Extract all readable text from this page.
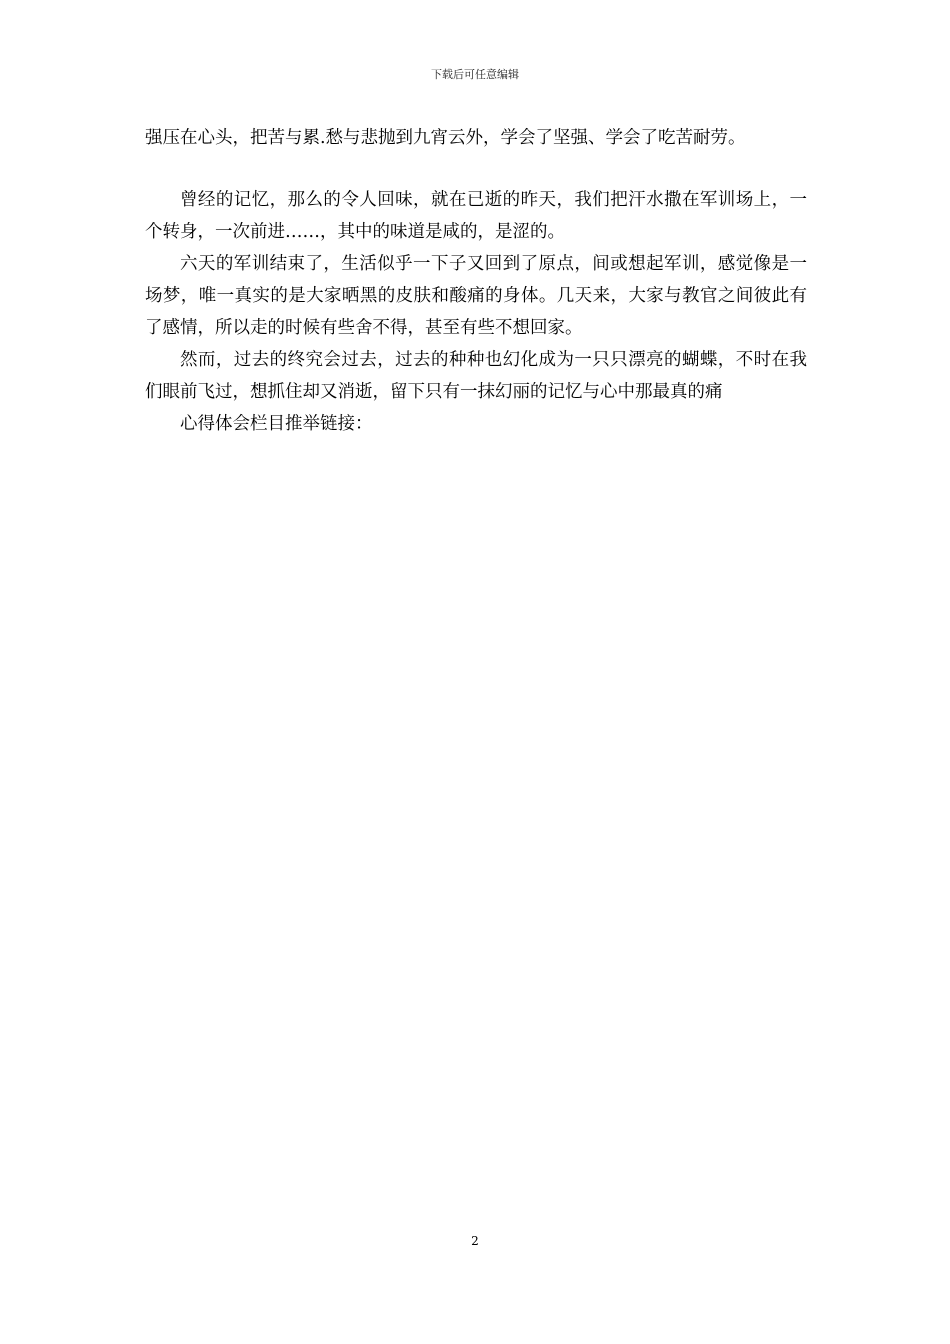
下载后可任意编辑

强压在心头，把苦与累.愁与悲抛到九宵云外，学会了坚强、学会了吃苦耐劳。

曾经的记忆，那么的令人回味，就在已逝的昨天，我们把汗水撒在军训场上，一个转身，一次前进……，其中的味道是咸的，是涩的。

六天的军训结束了，生活似乎一下子又回到了原点，间或想起军训，感觉像是一场梦，唯一真实的是大家晒黑的皮肤和酸痛的身体。几天来，大家与教官之间彼此有了感情，所以走的时候有些舍不得，甚至有些不想回家。

然而，过去的终究会过去，过去的种种也幻化成为一只只漂亮的蝴蝶，不时在我们眼前飞过，想抓住却又消逝，留下只有一抹幻丽的记忆与心中那最真的痛

心得体会栏目推举链接：

2
